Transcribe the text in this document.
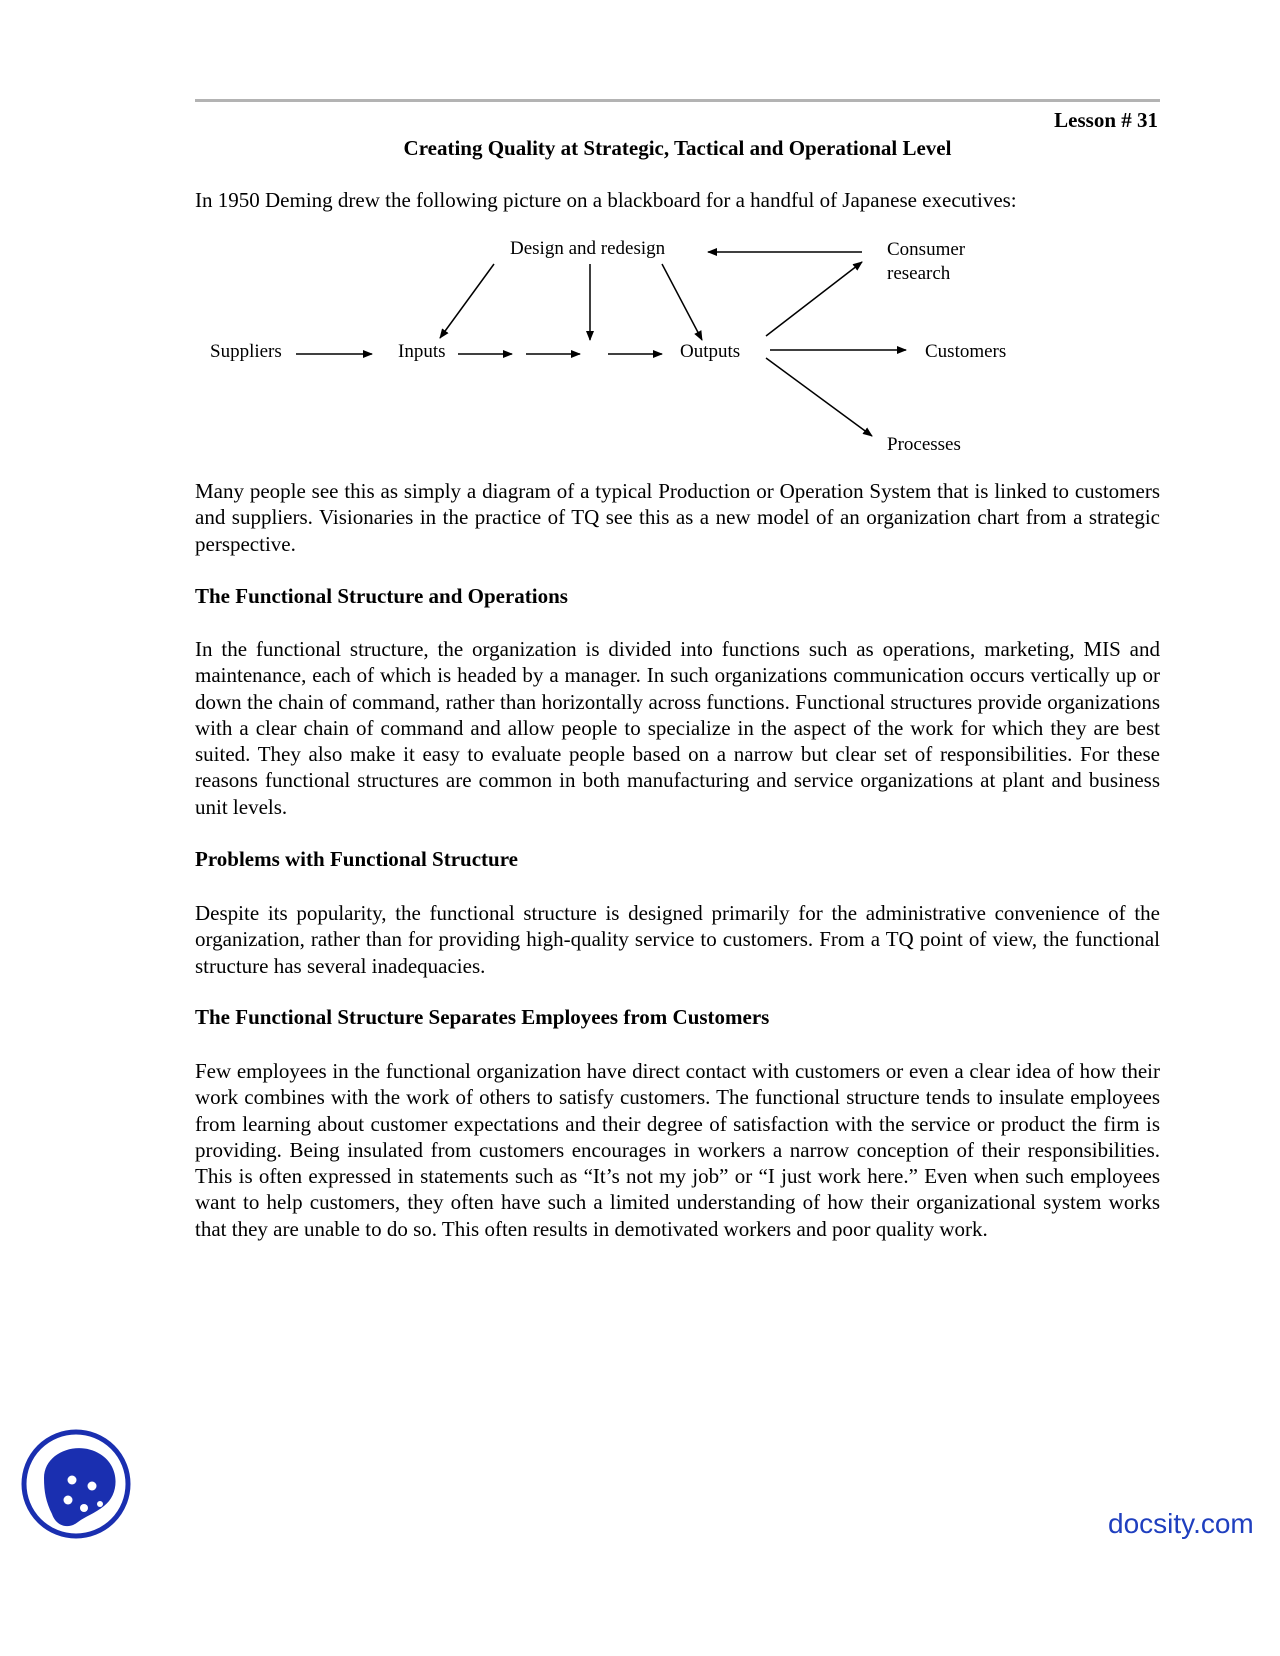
Lesson # 31
Creating Quality at Strategic, Tactical and Operational Level

In 1950 Deming drew the following picture on a blackboard for a handful of Japanese executives:

Design and redesign	Consumer research
Suppliers	Inputs	Outputs	Customers
Processes

Many people see this as simply a diagram of a typical Production or Operation System that is linked to customers and suppliers. Visionaries in the practice of TQ see this as a new model of an organization chart from a strategic perspective.

The Functional Structure and Operations

In the functional structure, the organization is divided into functions such as operations, marketing, MIS and maintenance, each of which is headed by a manager. In such organizations communication occurs vertically up or down the chain of command, rather than horizontally across functions. Functional structures provide organizations with a clear chain of command and allow people to specialize in the aspect of the work for which they are best suited. They also make it easy to evaluate people based on a narrow but clear set of responsibilities. For these reasons functional structures are common in both manufacturing and service organizations at plant and business unit levels.

Problems with Functional Structure

Despite its popularity, the functional structure is designed primarily for the administrative convenience of the organization, rather than for providing high-quality service to customers. From a TQ point of view, the functional structure has several inadequacies.

The Functional Structure Separates Employees from Customers

Few employees in the functional organization have direct contact with customers or even a clear idea of how their work combines with the work of others to satisfy customers. The functional structure tends to insulate employees from learning about customer expectations and their degree of satisfaction with the service or product the firm is providing. Being insulated from customers encourages in workers a narrow conception of their responsibilities. This is often expressed in statements such as “It’s not my job” or “I just work here.” Even when such employees want to help customers, they often have such a limited understanding of how their organizational system works that they are unable to do so. This often results in demotivated workers and poor quality work.

docsity.com
